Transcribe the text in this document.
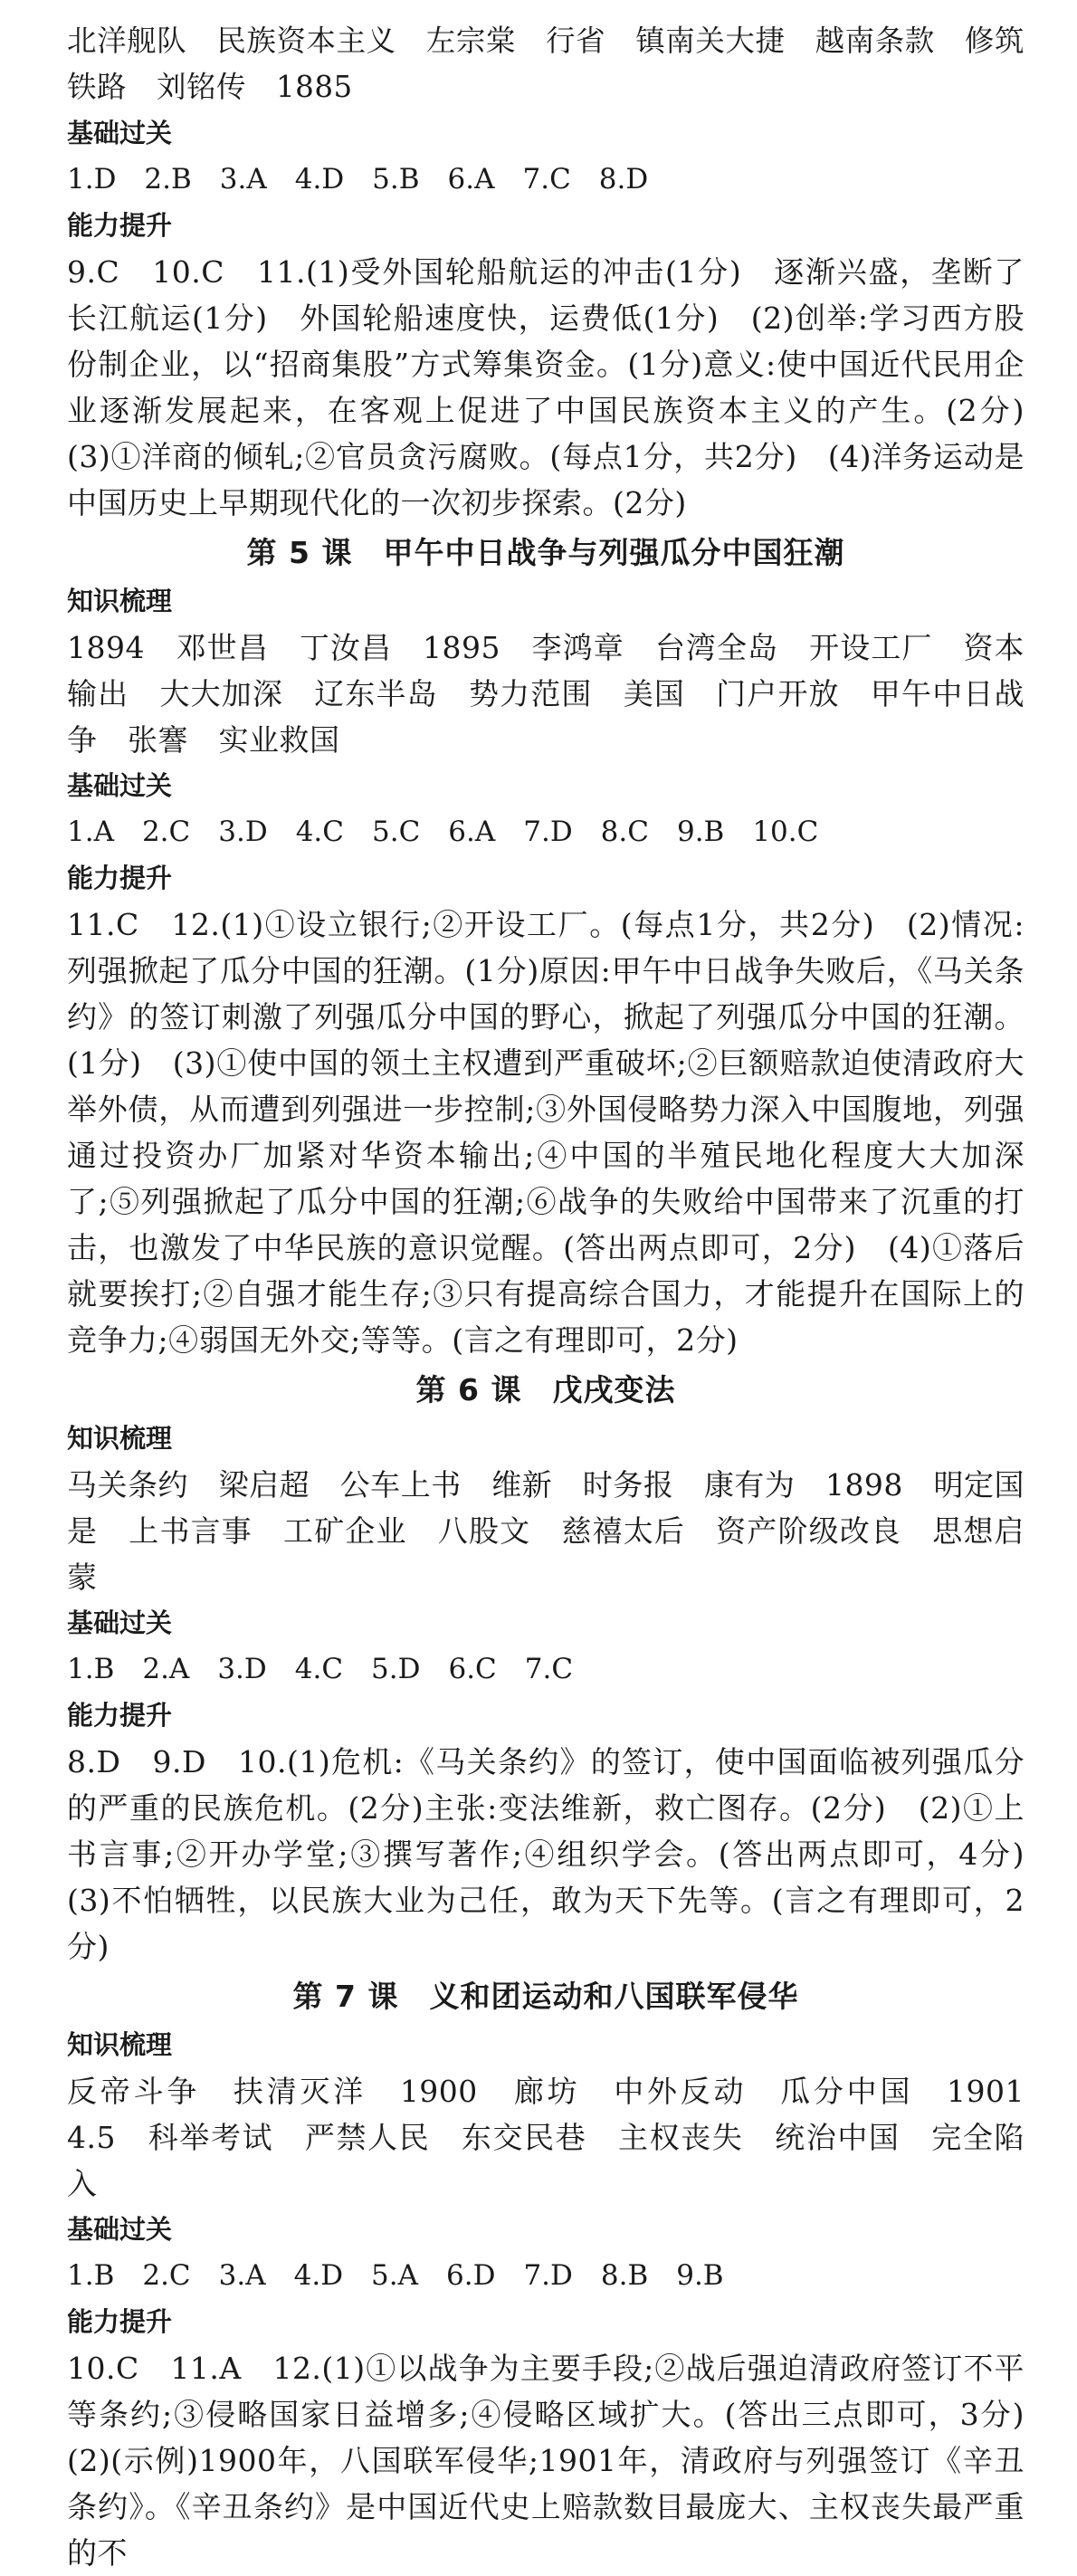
北洋舰队　民族资本主义　左宗棠　行省　镇南关大捷　越南条款　修筑铁路　刘铭传　1885

基础过关

1.D　2.B　3.A　4.D　5.B　6.A　7.C　8.D

能力提升

9.C　10.C　11.(1)受外国轮船航运的冲击(1分)　逐渐兴盛，垄断了长江航运(1分)　外国轮船速度快，运费低(1分)　(2)创举:学习西方股份制企业，以“招商集股”方式筹集资金。(1分)意义:使中国近代民用企业逐渐发展起来，在客观上促进了中国民族资本主义的产生。(2分)　(3)①洋商的倾轧;②官员贪污腐败。(每点1分，共2分)　(4)洋务运动是中国历史上早期现代化的一次初步探索。(2分)

第 5 课　甲午中日战争与列强瓜分中国狂潮

知识梳理

1894　邓世昌　丁汝昌　1895　李鸿章　台湾全岛　开设工厂　资本输出　大大加深　辽东半岛　势力范围　美国　门户开放　甲午中日战争　张謇　实业救国

基础过关

1.A　2.C　3.D　4.C　5.C　6.A　7.D　8.C　9.B　10.C

能力提升

11.C　12.(1)①设立银行;②开设工厂。(每点1分，共2分)　(2)情况:列强掀起了瓜分中国的狂潮。(1分)原因:甲午中日战争失败后，《马关条约》的签订刺激了列强瓜分中国的野心，掀起了列强瓜分中国的狂潮。(1分)　(3)①使中国的领土主权遭到严重破坏;②巨额赔款迫使清政府大举外债，从而遭到列强进一步控制;③外国侵略势力深入中国腹地，列强通过投资办厂加紧对华资本输出;④中国的半殖民地化程度大大加深了;⑤列强掀起了瓜分中国的狂潮;⑥战争的失败给中国带来了沉重的打击，也激发了中华民族的意识觉醒。(答出两点即可，2分)　(4)①落后就要挨打;②自强才能生存;③只有提高综合国力，才能提升在国际上的竞争力;④弱国无外交;等等。(言之有理即可，2分)

第 6 课　戊戌变法

知识梳理

马关条约　梁启超　公车上书　维新　时务报　康有为　1898　明定国是　上书言事　工矿企业　八股文　慈禧太后　资产阶级改良　思想启蒙

基础过关

1.B　2.A　3.D　4.C　5.D　6.C　7.C

能力提升

8.D　9.D　10.(1)危机:《马关条约》的签订，使中国面临被列强瓜分的严重的民族危机。(2分)主张:变法维新，救亡图存。(2分)　(2)①上书言事;②开办学堂;③撰写著作;④组织学会。(答出两点即可，4分)　(3)不怕牺牲，以民族大业为己任，敢为天下先等。(言之有理即可，2分)

第 7 课　义和团运动和八国联军侵华

知识梳理

反帝斗争　扶清灭洋　1900　廊坊　中外反动　瓜分中国　1901　4.5　科举考试　严禁人民　东交民巷　主权丧失　统治中国　完全陷入

基础过关

1.B　2.C　3.A　4.D　5.A　6.D　7.D　8.B　9.B

能力提升

10.C　11.A　12.(1)①以战争为主要手段;②战后强迫清政府签订不平等条约;③侵略国家日益增多;④侵略区域扩大。(答出三点即可，3分)　(2)(示例)1900年，八国联军侵华;1901年，清政府与列强签订《辛丑条约》。《辛丑条约》是中国近代史上赔款数目最庞大、主权丧失最严重的不
